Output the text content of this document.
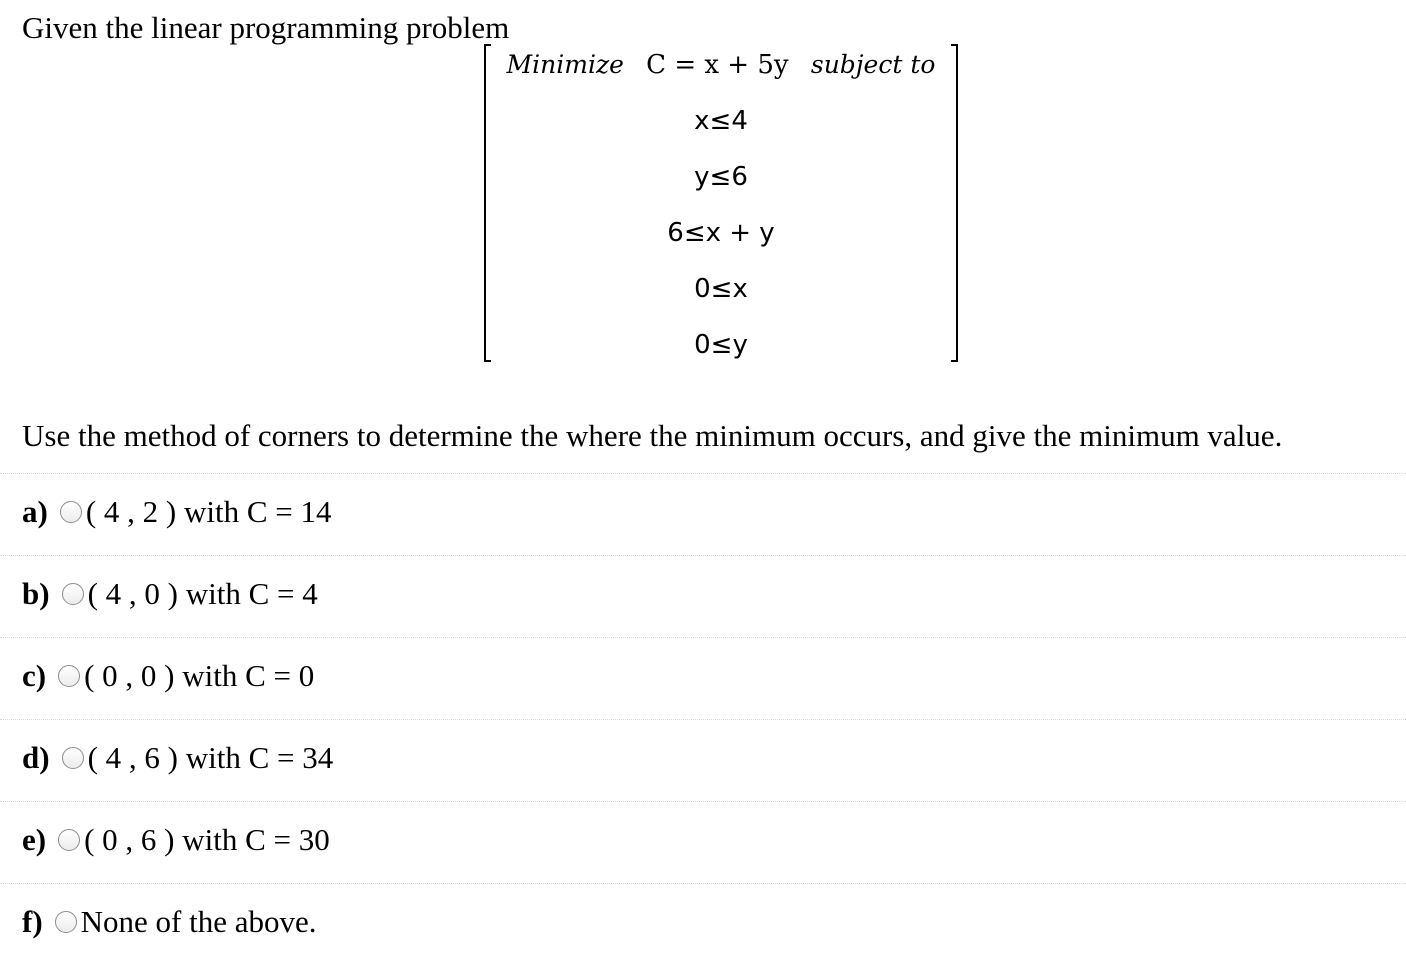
Given the linear programming problem
Minimize C = x + 5y subject to
x≤4
y≤6
6≤x + y
0≤x
0≤y
Use the method of corners to determine the where the minimum occurs, and give the minimum value.
a) ( 4 , 2 ) with C = 14
b) ( 4 , 0 ) with C = 4
c) ( 0 , 0 ) with C = 0
d) ( 4 , 6 ) with C = 34
e) ( 0 , 6 ) with C = 30
f) None of the above.
